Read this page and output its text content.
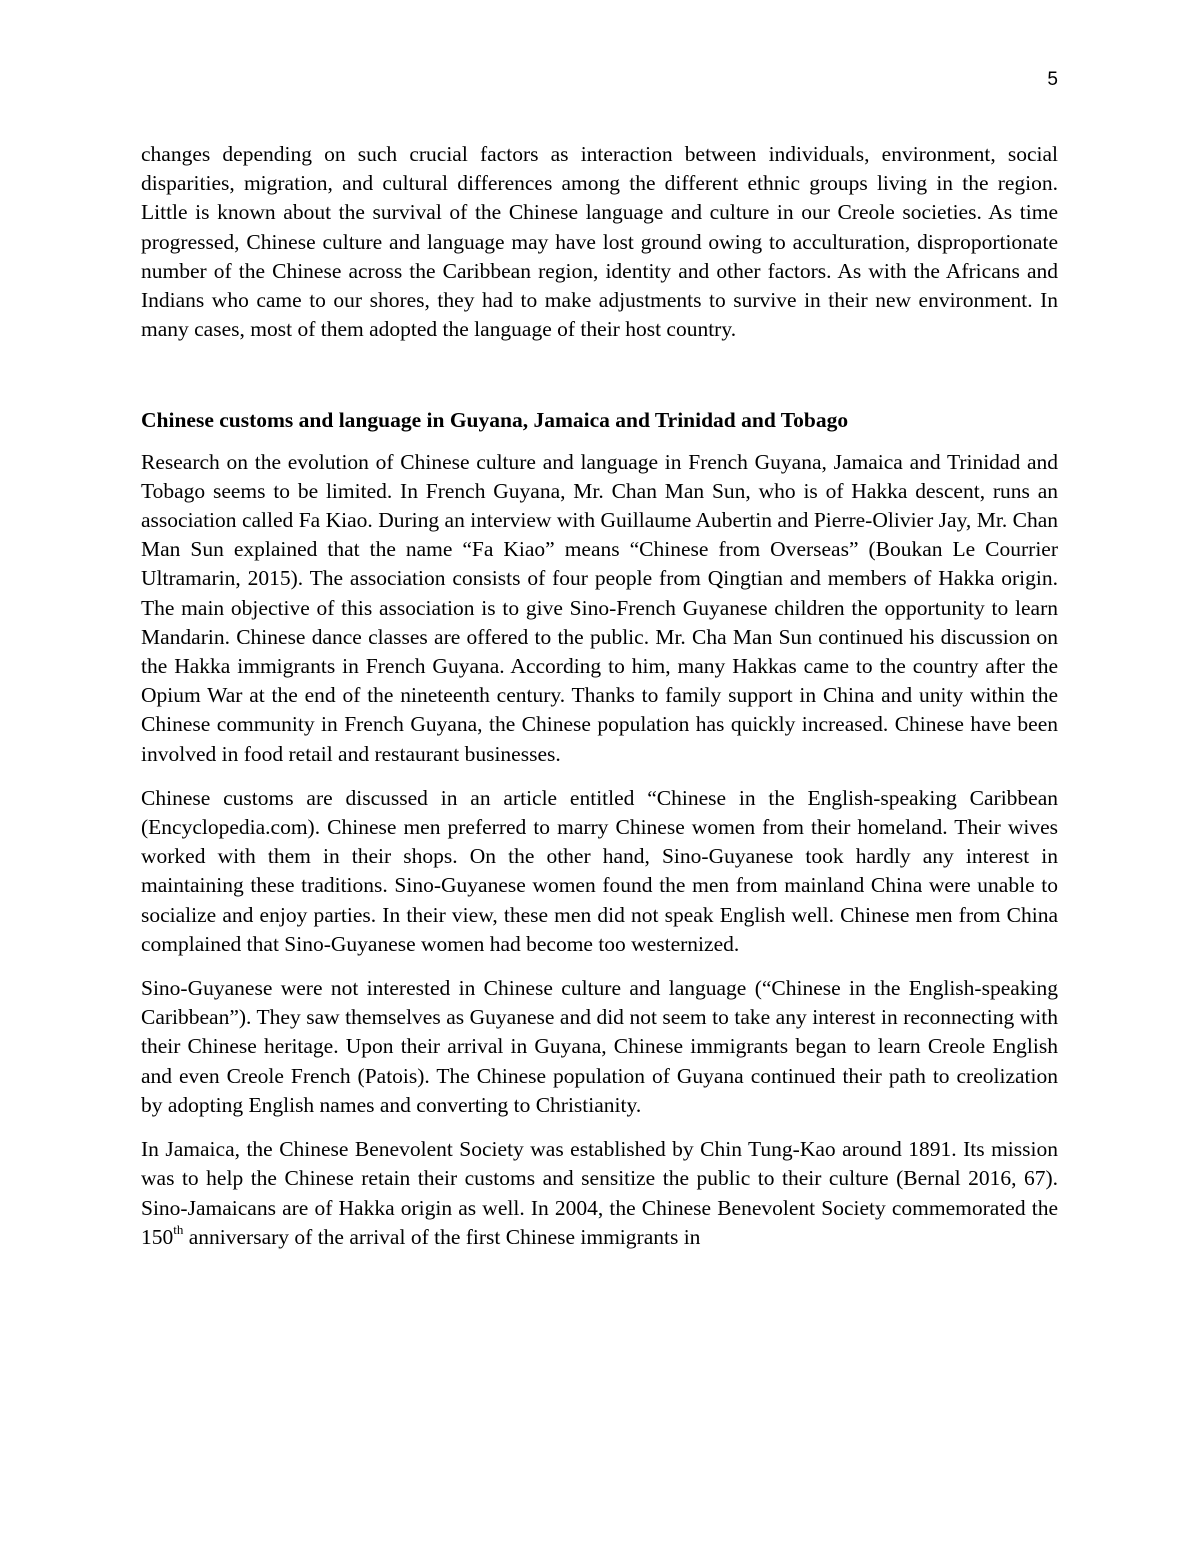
5

changes depending on such crucial factors as interaction between individuals, environment, social disparities, migration, and cultural differences among the different ethnic groups living in the region. Little is known about the survival of the Chinese language and culture in our Creole societies. As time progressed, Chinese culture and language may have lost ground owing to acculturation, disproportionate number of the Chinese across the Caribbean region, identity and other factors. As with the Africans and Indians who came to our shores, they had to make adjustments to survive in their new environment. In many cases, most of them adopted the language of their host country.

Chinese customs and language in Guyana, Jamaica and Trinidad and Tobago

Research on the evolution of Chinese culture and language in French Guyana, Jamaica and Trinidad and Tobago seems to be limited. In French Guyana, Mr. Chan Man Sun, who is of Hakka descent, runs an association called Fa Kiao. During an interview with Guillaume Aubertin and Pierre-Olivier Jay, Mr. Chan Man Sun explained that the name “Fa Kiao” means “Chinese from Overseas” (Boukan Le Courrier Ultramarin, 2015). The association consists of four people from Qingtian and members of Hakka origin. The main objective of this association is to give Sino-French Guyanese children the opportunity to learn Mandarin. Chinese dance classes are offered to the public. Mr. Cha Man Sun continued his discussion on the Hakka immigrants in French Guyana. According to him, many Hakkas came to the country after the Opium War at the end of the nineteenth century. Thanks to family support in China and unity within the Chinese community in French Guyana, the Chinese population has quickly increased. Chinese have been involved in food retail and restaurant businesses.

Chinese customs are discussed in an article entitled “Chinese in the English-speaking Caribbean (Encyclopedia.com). Chinese men preferred to marry Chinese women from their homeland. Their wives worked with them in their shops. On the other hand, Sino-Guyanese took hardly any interest in maintaining these traditions. Sino-Guyanese women found the men from mainland China were unable to socialize and enjoy parties. In their view, these men did not speak English well. Chinese men from China complained that Sino-Guyanese women had become too westernized.

Sino-Guyanese were not interested in Chinese culture and language (“Chinese in the English-speaking Caribbean”). They saw themselves as Guyanese and did not seem to take any interest in reconnecting with their Chinese heritage. Upon their arrival in Guyana, Chinese immigrants began to learn Creole English and even Creole French (Patois). The Chinese population of Guyana continued their path to creolization by adopting English names and converting to Christianity.

In Jamaica, the Chinese Benevolent Society was established by Chin Tung-Kao around 1891. Its mission was to help the Chinese retain their customs and sensitize the public to their culture (Bernal 2016, 67). Sino-Jamaicans are of Hakka origin as well. In 2004, the Chinese Benevolent Society commemorated the 150th anniversary of the arrival of the first Chinese immigrants in
